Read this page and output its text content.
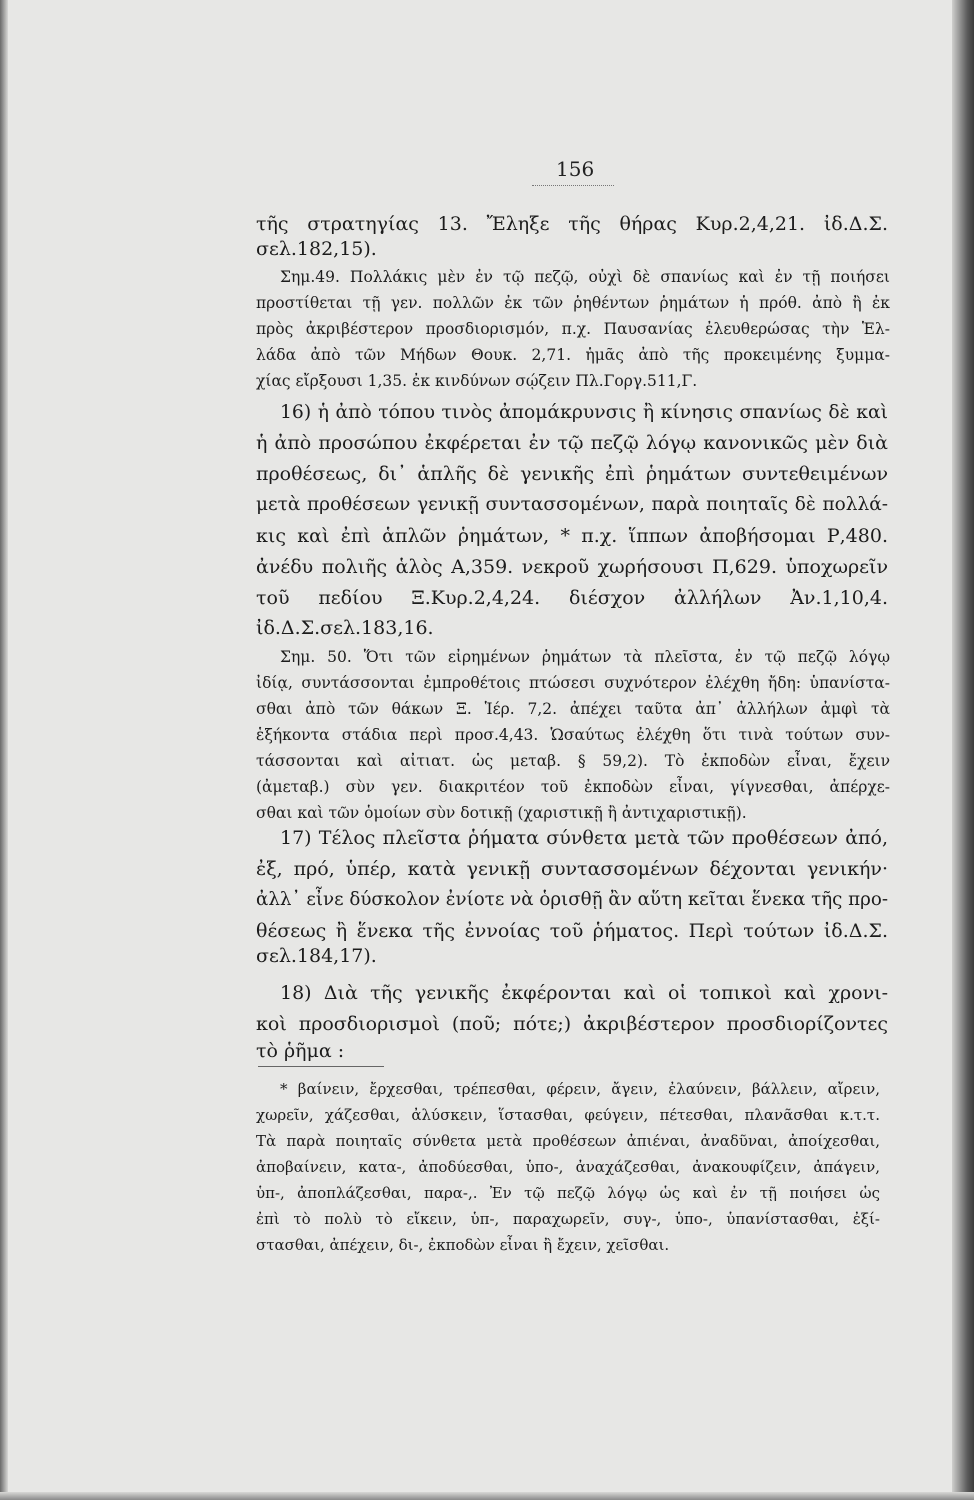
156
τῆς στρατηγίας 13. Ἔληξε τῆς θήρας Κυρ.2,4,21. ἰδ.Δ.Σ.
σελ.182,15).
Σημ.49. Πολλάκις μὲν ἐν τῷ πεζῷ, οὐχὶ δὲ σπανίως καὶ ἐν τῇ ποιήσει
προστίθεται τῇ γεν. πολλῶν ἐκ τῶν ῥηθέντων ῥημάτων ἡ πρόθ. ἀπὸ ἢ ἐκ
πρὸς ἀκριβέστερον προσδιορισμόν, π.χ. Παυσανίας ἐλευθερώσας τὴν Ἑλ-
λάδα ἀπὸ τῶν Μήδων Θουκ. 2,71. ἡμᾶς ἀπὸ τῆς προκειμένης ξυμμα-
χίας εἴρξουσι 1,35. ἐκ κινδύνων σῴζειν Πλ.Γοργ.511,Γ.
16) ἡ ἀπὸ τόπου τινὸς ἀπομάκρυνσις ἢ κίνησις σπανίως δὲ καὶ
ἡ ἀπὸ προσώπου ἐκφέρεται ἐν τῷ πεζῷ λόγῳ κανονικῶς μὲν διὰ
προθέσεως, δι᾽ ἁπλῆς δὲ γενικῆς ἐπὶ ῥημάτων συντεθειμένων
μετὰ προθέσεων γενικῇ συντασσομένων, παρὰ ποιηταῖς δὲ πολλά-
κις καὶ ἐπὶ ἁπλῶν ῥημάτων, * π.χ. ἵππων ἀποβήσομαι Ρ,480.
ἀνέδυ πολιῆς ἁλὸς Α,359. νεκροῦ χωρήσουσι Π,629. ὑποχωρεῖν
τοῦ πεδίου Ξ.Κυρ.2,4,24. διέσχον ἀλλήλων Ἀν.1,10,4.
ἰδ.Δ.Σ.σελ.183,16.
Σημ. 50. Ὅτι τῶν εἰρημένων ῥημάτων τὰ πλεῖστα, ἐν τῷ πεζῷ λόγῳ
ἰδίᾳ, συντάσσονται ἐμπροθέτοις πτώσεσι συχνότερον ἐλέχθη ἤδη: ὑπανίστα-
σθαι ἀπὸ τῶν θάκων Ξ. Ἱέρ. 7,2. ἀπέχει ταῦτα ἀπ᾽ ἀλλήλων ἀμφὶ τὰ
ἑξήκοντα στάδια περὶ προσ.4,43. Ὡσαύτως ἐλέχθη ὅτι τινὰ τούτων συν-
τάσσονται καὶ αἰτιατ. ὡς μεταβ. § 59,2). Τὸ ἐκποδὼν εἶναι, ἔχειν
(ἀμεταβ.) σὺν γεν. διακριτέον τοῦ ἐκποδὼν εἶναι, γίγνεσθαι, ἀπέρχε-
σθαι καὶ τῶν ὁμοίων σὺν δοτικῇ (χαριστικῇ ἢ ἀντιχαριστικῇ).
17) Τέλος πλεῖστα ῥήματα σύνθετα μετὰ τῶν προθέσεων ἀπό,
ἐξ, πρό, ὑπέρ, κατὰ γενικῇ συντασσομένων δέχονται γενικήν·
ἀλλ᾽ εἶνε δύσκολον ἐνίοτε νὰ ὁρισθῇ ἂν αὕτη κεῖται ἕνεκα τῆς προ-
θέσεως ἢ ἕνεκα τῆς ἐννοίας τοῦ ῥήματος. Περὶ τούτων ἰδ.Δ.Σ.
σελ.184,17).
18) Διὰ τῆς γενικῆς ἐκφέρονται καὶ οἱ τοπικοὶ καὶ χρονι-
κοὶ προσδιορισμοὶ (ποῦ; πότε;) ἀκριβέστερον προσδιορίζοντες
τὸ ῥῆμα :
* βαίνειν, ἔρχεσθαι, τρέπεσθαι, φέρειν, ἄγειν, ἐλαύνειν, βάλλειν, αἴρειν,
χωρεῖν, χάζεσθαι, ἀλύσκειν, ἵστασθαι, φεύγειν, πέτεσθαι, πλανᾶσθαι κ.τ.τ.
Τὰ παρὰ ποιηταῖς σύνθετα μετὰ προθέσεων ἀπιέναι, ἀναδῦναι, ἀποίχεσθαι,
ἀποβαίνειν, κατα-, ἀποδύεσθαι, ὑπο-, ἀναχάζεσθαι, ἀνακουφίζειν, ἀπάγειν,
ὑπ-, ἀποπλάζεσθαι, παρα-,. Ἐν τῷ πεζῷ λόγῳ ὡς καὶ ἐν τῇ ποιήσει ὡς
ἐπὶ τὸ πολὺ τὸ εἴκειν, ὑπ-, παραχωρεῖν, συγ-, ὑπο-, ὑπανίστασθαι, ἐξί-
στασθαι, ἀπέχειν, δι-, ἐκποδὼν εἶναι ἢ ἔχειν, χεῖσθαι.
